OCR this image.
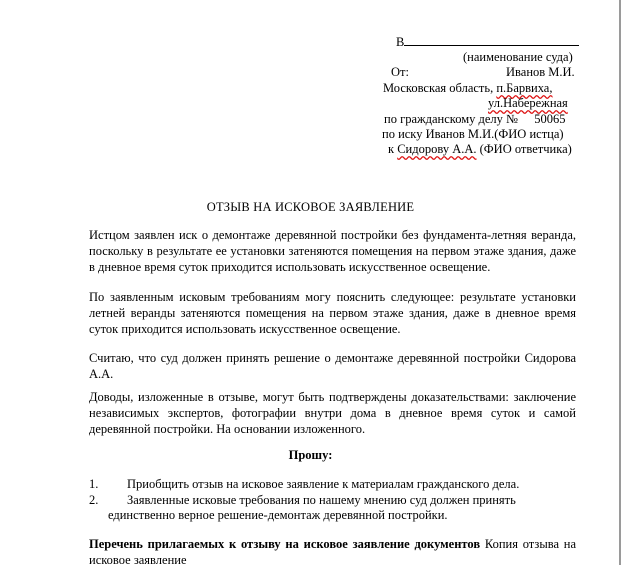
В
(наименование суда)
От:	Иванов М.И.
Московская область, п.Барвиха,
ул.Набережная
по гражданскому делу № 50065
по иску Иванов М.И.(ФИО истца)
к Сидорову А.А. (ФИО ответчика)
ОТЗЫВ НА ИСКОВОЕ ЗАЯВЛЕНИЕ
Истцом заявлен иск о демонтаже деревянной постройки без фундамента-летняя веранда,
поскольку в результате ее установки затеняются помещения на первом этаже здания, даже
в дневное время суток приходится использовать искусственное освещение.
По заявленным исковым требованиям могу пояснить следующее: результате установки
летней веранды затеняются помещения на первом этаже здания, даже в дневное время
суток приходится использовать искусственное освещение.
Считаю, что суд должен принять решение о демонтаже деревянной постройки Сидорова
А.А.
Доводы, изложенные в отзыве, могут быть подтверждены доказательствами: заключение
независимых экспертов, фотографии внутри дома в дневное время суток и самой
деревянной постройки. На основании изложенного.
Прошу:
1. Приобщить отзыв на исковое заявление к материалам гражданского дела.
2. Заявленные исковые требования по нашему мнению суд должен принять
единственно верное решение-демонтаж деревянной постройки.
Перечень прилагаемых к отзыву на исковое заявление документов Копия отзыва на
исковое заявление
